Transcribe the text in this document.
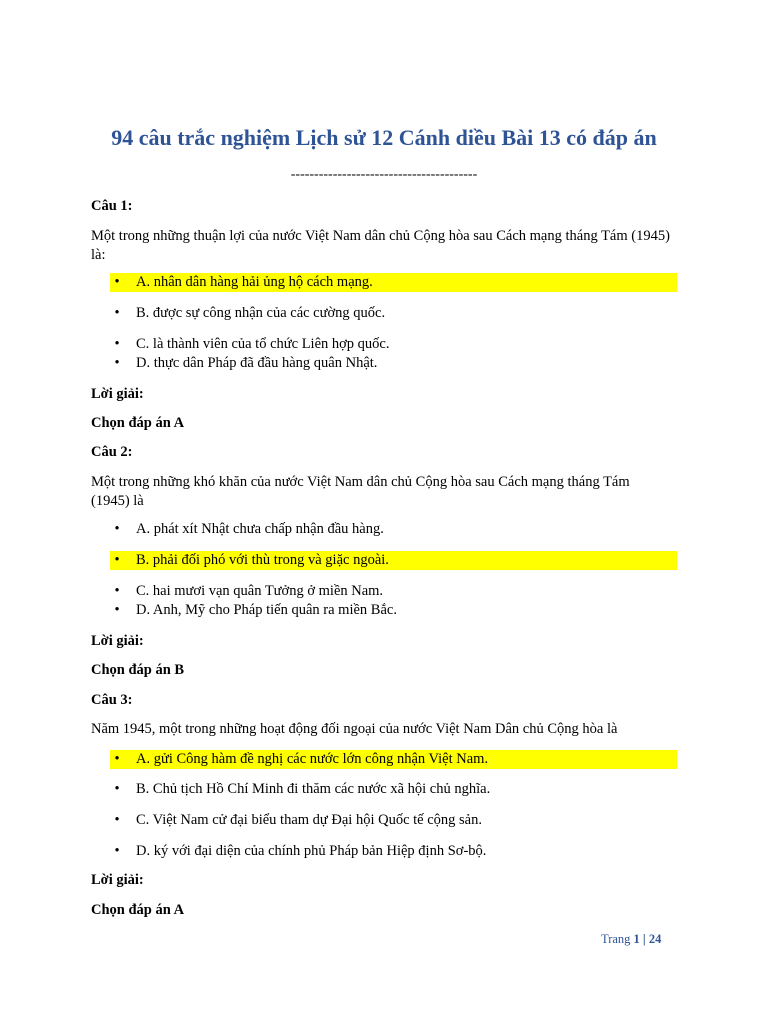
94 câu trắc nghiệm Lịch sử 12 Cánh diều Bài 13 có đáp án
----------------------------------------
Câu 1:
Một trong những thuận lợi của nước Việt Nam dân chủ Cộng hòa sau Cách mạng tháng Tám (1945) là:
•	A. nhân dân hàng hải ủng hộ cách mạng.
•	B. được sự công nhận của các cường quốc.
•	C. là thành viên của tổ chức Liên hợp quốc.
•	D. thực dân Pháp đã đầu hàng quân Nhật.
Lời giải:
Chọn đáp án A
Câu 2:
Một trong những khó khăn của nước Việt Nam dân chủ Cộng hòa sau Cách mạng tháng Tám (1945) là
•	A. phát xít Nhật chưa chấp nhận đầu hàng.
•	B. phải đối phó với thù trong và giặc ngoài.
•	C. hai mươi vạn quân Tưởng ở miền Nam.
•	D. Anh, Mỹ cho Pháp tiến quân ra miền Bắc.
Lời giải:
Chọn đáp án B
Câu 3:
Năm 1945, một trong những hoạt động đối ngoại của nước Việt Nam Dân chủ Cộng hòa là
•	A. gửi Công hàm đề nghị các nước lớn công nhận Việt Nam.
•	B. Chủ tịch Hồ Chí Minh đi thăm các nước xã hội chủ nghĩa.
•	C. Việt Nam cử đại biểu tham dự Đại hội Quốc tế cộng sản.
•	D. ký với đại diện của chính phủ Pháp bản Hiệp định Sơ-bộ.
Lời giải:
Chọn đáp án A
Trang 1 | 24
